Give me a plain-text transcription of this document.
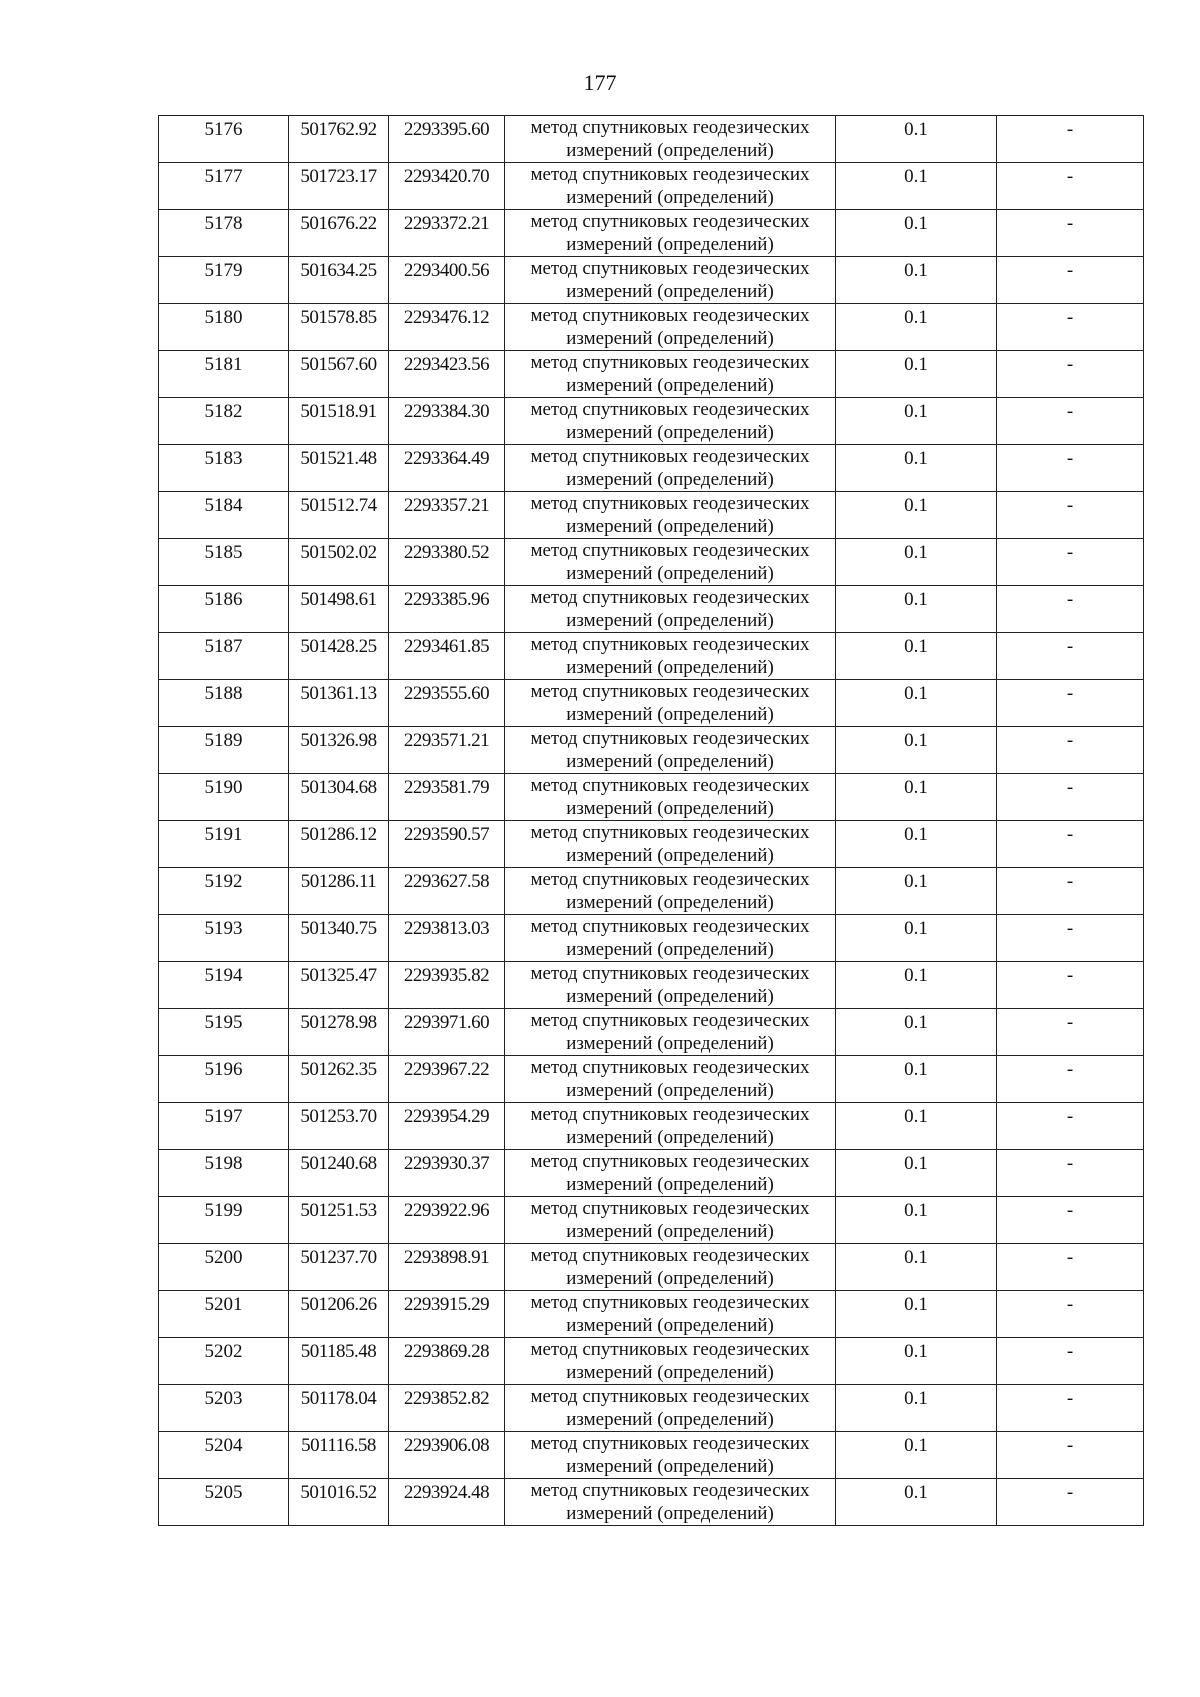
177
5176	501762.92	2293395.60	метод спутниковых геодезических измерений (определений)	0.1	-
5177	501723.17	2293420.70	метод спутниковых геодезических измерений (определений)	0.1	-
5178	501676.22	2293372.21	метод спутниковых геодезических измерений (определений)	0.1	-
5179	501634.25	2293400.56	метод спутниковых геодезических измерений (определений)	0.1	-
5180	501578.85	2293476.12	метод спутниковых геодезических измерений (определений)	0.1	-
5181	501567.60	2293423.56	метод спутниковых геодезических измерений (определений)	0.1	-
5182	501518.91	2293384.30	метод спутниковых геодезических измерений (определений)	0.1	-
5183	501521.48	2293364.49	метод спутниковых геодезических измерений (определений)	0.1	-
5184	501512.74	2293357.21	метод спутниковых геодезических измерений (определений)	0.1	-
5185	501502.02	2293380.52	метод спутниковых геодезических измерений (определений)	0.1	-
5186	501498.61	2293385.96	метод спутниковых геодезических измерений (определений)	0.1	-
5187	501428.25	2293461.85	метод спутниковых геодезических измерений (определений)	0.1	-
5188	501361.13	2293555.60	метод спутниковых геодезических измерений (определений)	0.1	-
5189	501326.98	2293571.21	метод спутниковых геодезических измерений (определений)	0.1	-
5190	501304.68	2293581.79	метод спутниковых геодезических измерений (определений)	0.1	-
5191	501286.12	2293590.57	метод спутниковых геодезических измерений (определений)	0.1	-
5192	501286.11	2293627.58	метод спутниковых геодезических измерений (определений)	0.1	-
5193	501340.75	2293813.03	метод спутниковых геодезических измерений (определений)	0.1	-
5194	501325.47	2293935.82	метод спутниковых геодезических измерений (определений)	0.1	-
5195	501278.98	2293971.60	метод спутниковых геодезических измерений (определений)	0.1	-
5196	501262.35	2293967.22	метод спутниковых геодезических измерений (определений)	0.1	-
5197	501253.70	2293954.29	метод спутниковых геодезических измерений (определений)	0.1	-
5198	501240.68	2293930.37	метод спутниковых геодезических измерений (определений)	0.1	-
5199	501251.53	2293922.96	метод спутниковых геодезических измерений (определений)	0.1	-
5200	501237.70	2293898.91	метод спутниковых геодезических измерений (определений)	0.1	-
5201	501206.26	2293915.29	метод спутниковых геодезических измерений (определений)	0.1	-
5202	501185.48	2293869.28	метод спутниковых геодезических измерений (определений)	0.1	-
5203	501178.04	2293852.82	метод спутниковых геодезических измерений (определений)	0.1	-
5204	501116.58	2293906.08	метод спутниковых геодезических измерений (определений)	0.1	-
5205	501016.52	2293924.48	метод спутниковых геодезических измерений (определений)	0.1	-
